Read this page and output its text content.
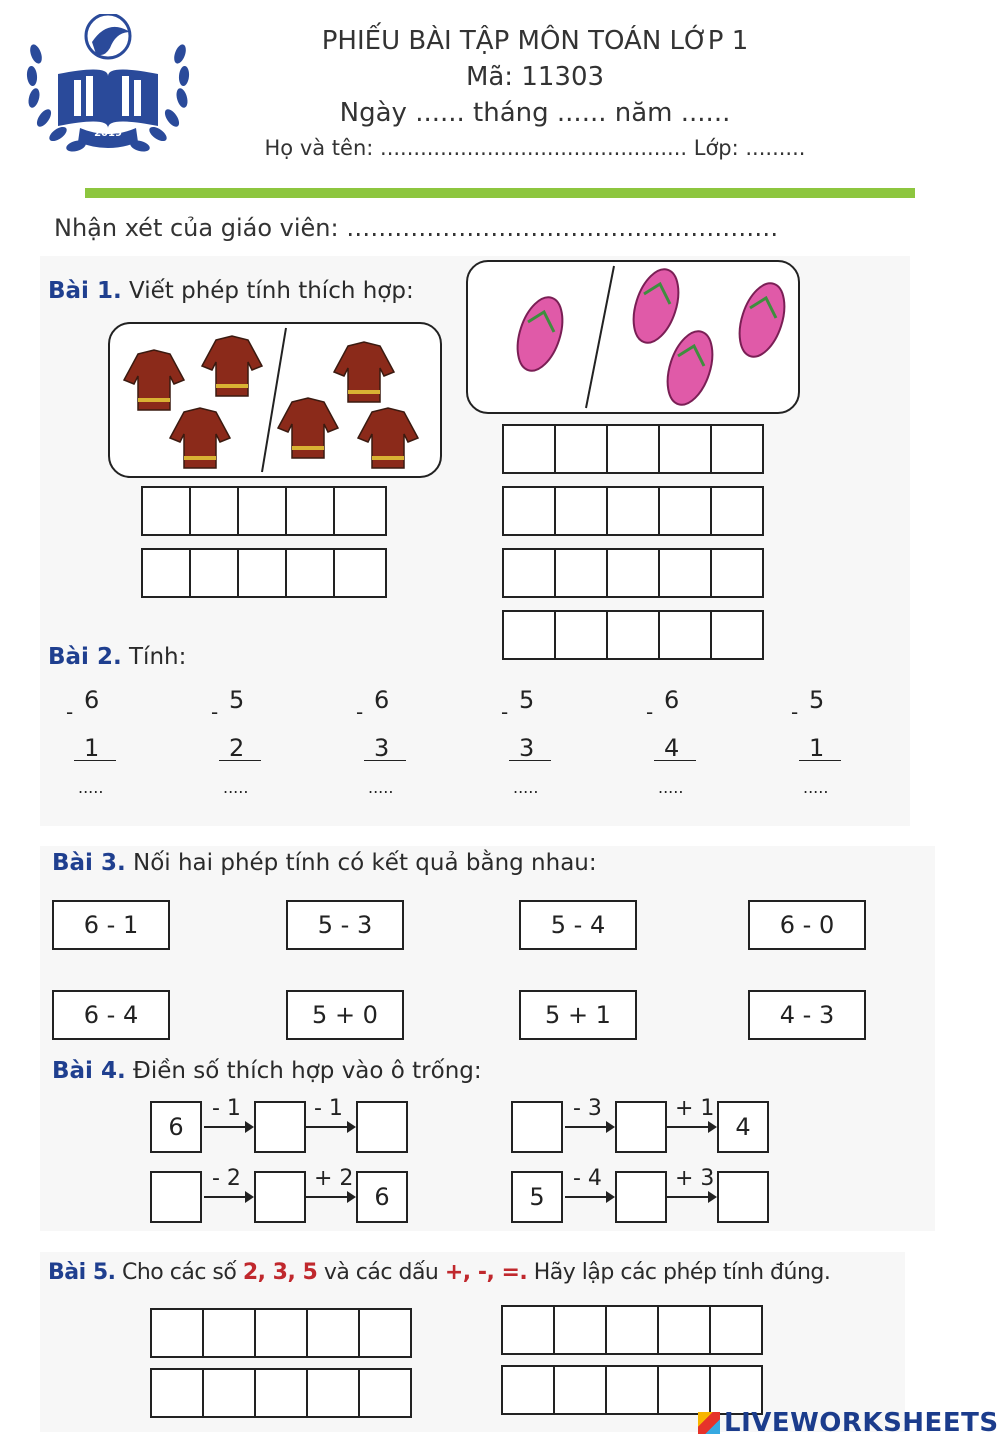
2019
PHIẾU BÀI TẬP MÔN TOÁN LỚP 1
Mã: 11303
Ngày ...... tháng ...... năm ......
Họ và tên: .............................................. Lớp: .........
Nhận xét của giáo viên: ………………………………………………
Bài 1. Viết phép tính thích hợp:
Bài 2. Tính:
- 6
1
.....
- 5
2
.....
- 6
3
.....
- 5
3
.....
- 6
4
.....
- 5
1
.....
Bài 3. Nối hai phép tính có kết quả bằng nhau:
6 - 1	5 - 3	5 - 4	6 - 0
6 - 4	5 + 0	5 + 1	4 - 3
Bài 4. Điền số thích hợp vào ô trống:
6
- 1	- 1	- 3	+ 1
4
- 2	+ 2
6	5
- 4	+ 3
Bài 5. Cho các số 2, 3, 5 và các dấu +, -, =. Hãy lập các phép tính đúng.
LIVEWORKSHEETS
